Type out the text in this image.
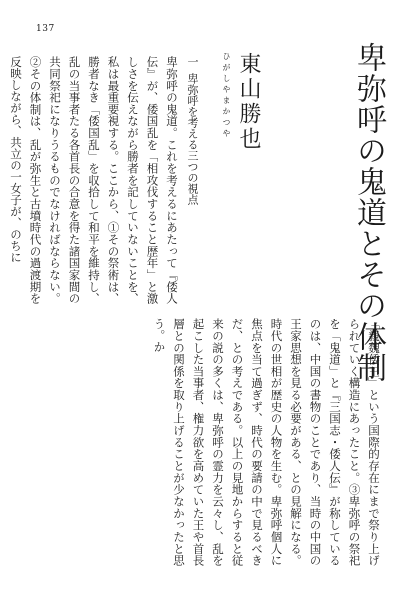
137
卑弥呼の鬼道とその体制
ひがしやまかつや 東山勝也
一卑弥呼を考える三つの視点

卑弥呼の鬼道。これを考えるにあたって『倭人伝』が、倭国乱を「相攻伐すること歴年」と激しさを伝えながら勝者を記していないことを、私は最重要視する。ここから、①その祭術は、勝者なき「倭国乱」を収拾して和平を維持し、乱の当事者たる各首長の合意を得た諸国家間の共同祭祀になりうるものでなければならない。②その体制は、乱が弥生と古墳時代の過渡期を反映しながら、共立の一女子が、のちに

「親魏倭王」という国際的存在にまで祭り上げられていく構造にあったこと。③卑弥呼の祭祀を「鬼道」と『三国志・倭人伝』が称しているのは、中国の書物のことであり、当時の中国の王家思想を見る必要がある、との見解になる。時代の世相が歴史の人物を生む。卑弥呼個人に焦点を当て過ぎず、時代の要請の中で見るべきだ、との考えである。以上の見地からすると従来の説の多くは、卑弥呼の霊力を云々し、乱を起こした当事者、権力欲を高めていた王や首長層との関係を取り上げることが少なかったと思う。か
